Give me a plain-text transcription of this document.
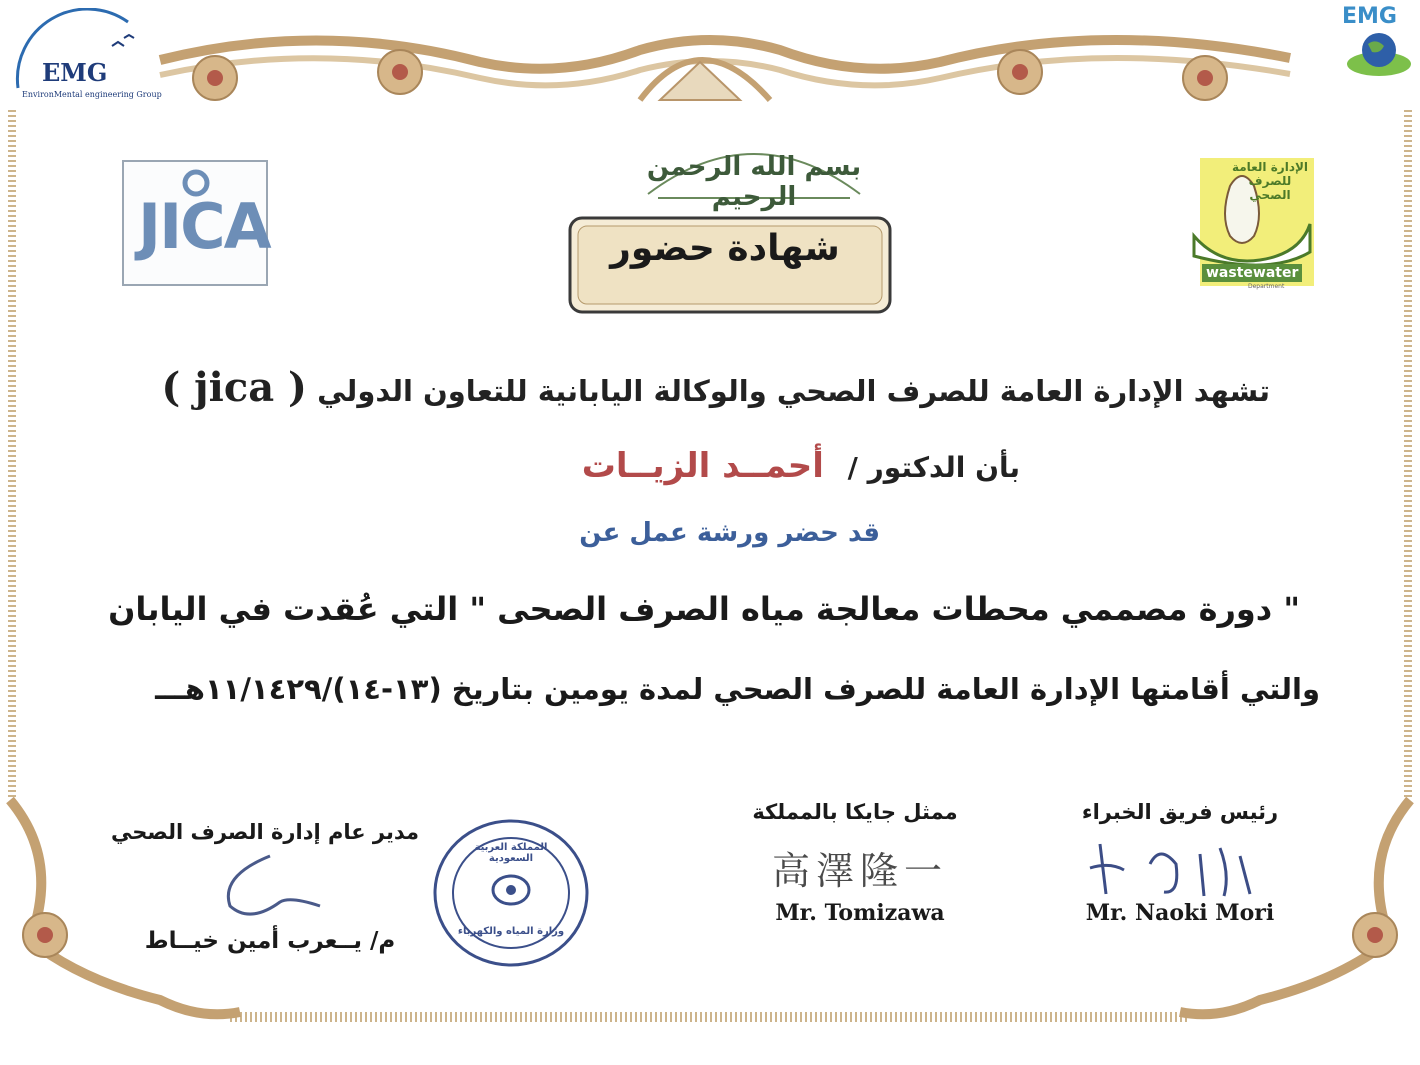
EMG
EnvironMental engineering Group
EMG
بسم الله الرحمن الرحيم
JICA
الإدارة العامة للصرف الصحي
wastewater
Department
شهادة حضور
تشهد الإدارة العامة للصرف الصحي والوكالة اليابانية للتعاون الدولي ( jica )
بأن الدكتور / أحمــد الزيــات
قد حضر ورشة عمل عن
" دورة مصممي محطات معالجة مياه الصرف الصحى " التي عُقدت في اليابان
والتي أقامتها الإدارة العامة للصرف الصحي لمدة يومين بتاريخ (١٣-١٤)/١١/١٤٢٩هـــ
مدير عام إدارة الصرف الصحي
م/ يــعرب أمين خيــاط
المملكة العربية السعودية
وزارة المياه والكهرباء
ممثل جايكا بالمملكة
高澤隆一
Mr. Tomizawa
رئيس فريق الخبراء
Mr. Naoki Mori
